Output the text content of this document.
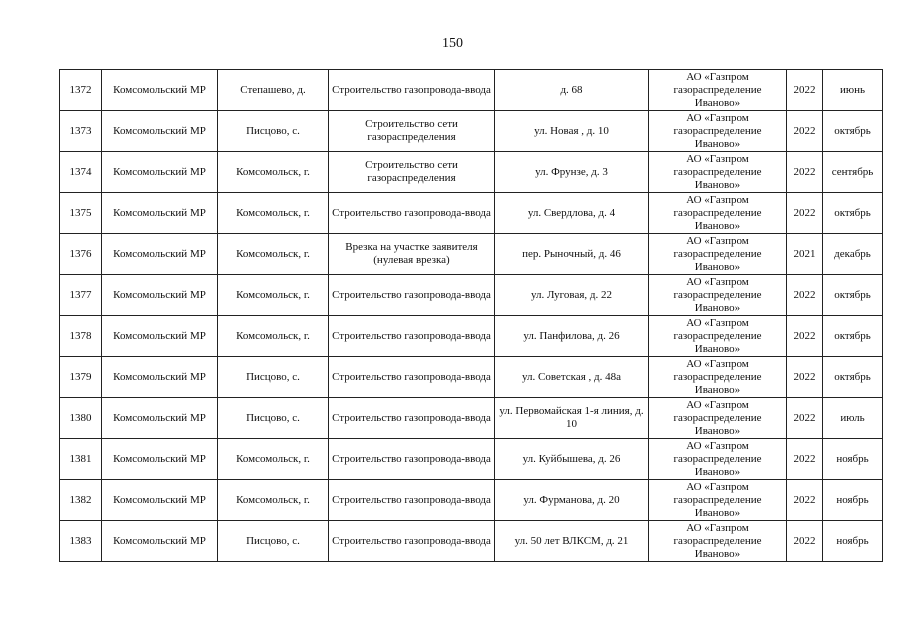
150
1372	Комсомольский МР	Степашево, д.	Строительство газопровода-ввода	д. 68	АО «Газпром газораспределение Иваново»	2022	июнь
1373	Комсомольский МР	Писцово, с.	Строительство сети газораспределения	ул. Новая , д. 10	АО «Газпром газораспределение Иваново»	2022	октябрь
1374	Комсомольский МР	Комсомольск, г.	Строительство сети газораспределения	ул. Фрунзе, д. 3	АО «Газпром газораспределение Иваново»	2022	сентябрь
1375	Комсомольский МР	Комсомольск, г.	Строительство газопровода-ввода	ул. Свердлова, д. 4	АО «Газпром газораспределение Иваново»	2022	октябрь
1376	Комсомольский МР	Комсомольск, г.	Врезка на участке заявителя (нулевая врезка)	пер. Рыночный, д. 46	АО «Газпром газораспределение Иваново»	2021	декабрь
1377	Комсомольский МР	Комсомольск, г.	Строительство газопровода-ввода	ул. Луговая, д. 22	АО «Газпром газораспределение Иваново»	2022	октябрь
1378	Комсомольский МР	Комсомольск, г.	Строительство газопровода-ввода	ул. Панфилова, д. 26	АО «Газпром газораспределение Иваново»	2022	октябрь
1379	Комсомольский МР	Писцово, с.	Строительство газопровода-ввода	ул. Советская , д. 48а	АО «Газпром газораспределение Иваново»	2022	октябрь
1380	Комсомольский МР	Писцово, с.	Строительство газопровода-ввода	ул. Первомайская 1-я линия, д. 10	АО «Газпром газораспределение Иваново»	2022	июль
1381	Комсомольский МР	Комсомольск, г.	Строительство газопровода-ввода	ул. Куйбышева, д. 26	АО «Газпром газораспределение Иваново»	2022	ноябрь
1382	Комсомольский МР	Комсомольск, г.	Строительство газопровода-ввода	ул. Фурманова, д. 20	АО «Газпром газораспределение Иваново»	2022	ноябрь
1383	Комсомольский МР	Писцово, с.	Строительство газопровода-ввода	ул. 50 лет ВЛКСМ, д. 21	АО «Газпром газораспределение Иваново»	2022	ноябрь
